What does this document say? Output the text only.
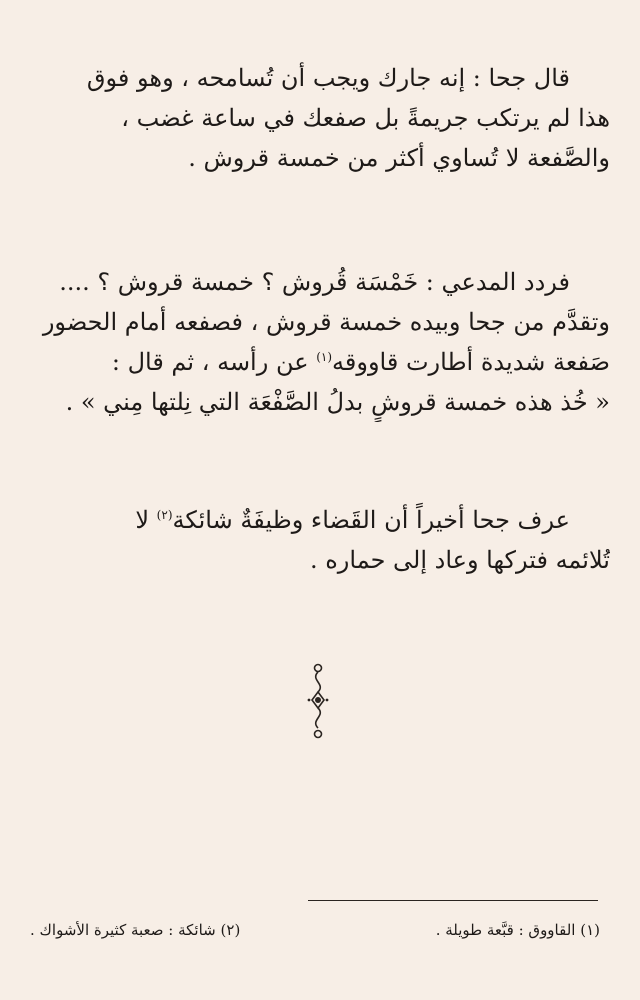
قال جحا : إنه جارك ويجب أن تُسامحه ، وهو فوق
هذا لم يرتكب جريمةً بل صفعك في ساعة غضب ،
والصَّفعة لا تُساوي أكثر من خمسة قروش .
فردد المدعي : خَمْسَة قُروش ؟ خمسة قروش ؟ ....
وتقدَّم من جحا وبيده خمسة قروش ، فصفعه أمام الحضور
صَفعة شديدة أطارت قاووقه$^{(١)}$ عن رأسه ، ثم قال :
« خُذ هذه خمسة قروشٍ بدلُ الصَّفْعَة التي نِلتها مِني » .
عرف جحا أخيراً أن القَضاء وظيفَةٌ شائكة$^{(٢)}$ لا
تُلائمه فتركها وعاد إلى حماره .
(١) القاووق : قبَّعة طويلة .
(٢) شائكة : صعبة كثيرة الأشواك .
